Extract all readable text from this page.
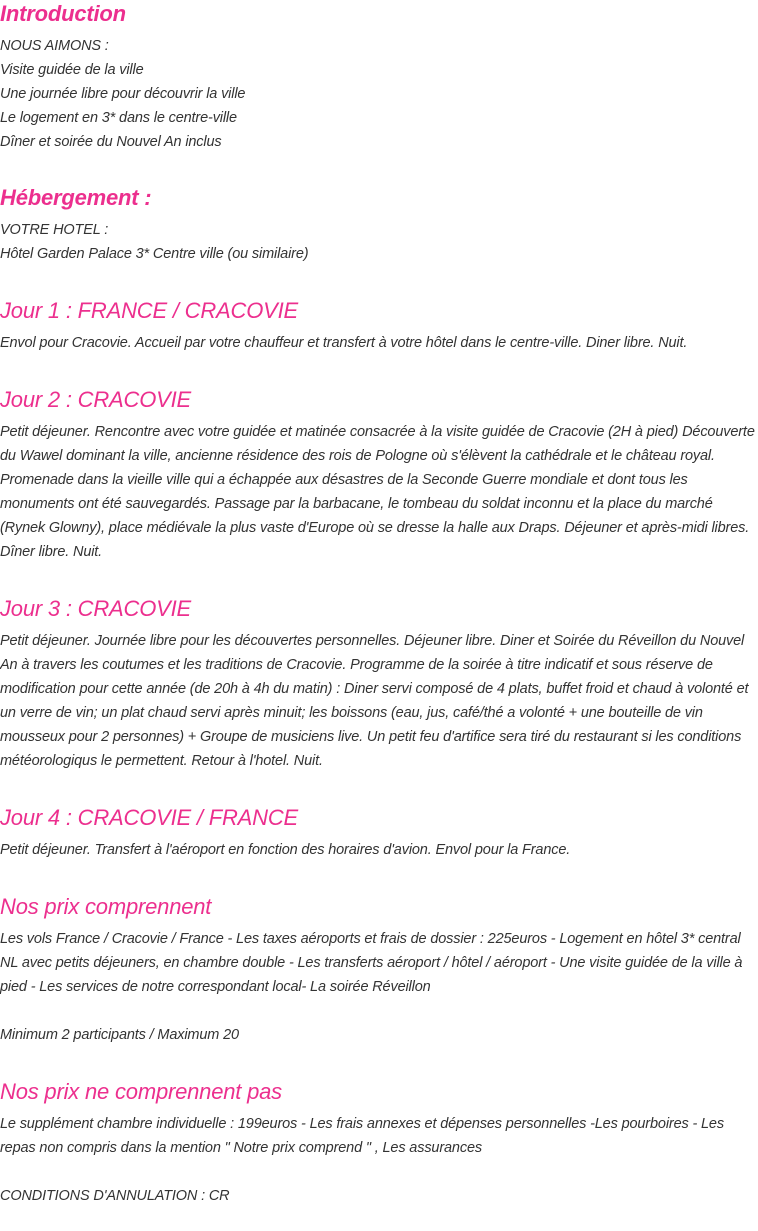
Introduction

NOUS AIMONS :

Visite guidée de la ville

Une journée libre pour découvrir la ville

Le logement en 3* dans le centre-ville

Dîner et soirée du Nouvel An inclus

Hébergement :

VOTRE HOTEL :

Hôtel Garden Palace 3* Centre ville (ou similaire)

Jour 1 : FRANCE / CRACOVIE

Envol pour Cracovie. Accueil par votre chauffeur et transfert à votre hôtel dans le centre-ville. Diner libre. Nuit.

Jour 2 : CRACOVIE

Petit déjeuner. Rencontre avec votre guidée et matinée consacrée à la visite guidée de Cracovie (2H à pied) Découverte du Wawel dominant la ville, ancienne résidence des rois de Pologne où s'élèvent la cathédrale et le château royal. Promenade dans la vieille ville qui a échappée aux désastres de la Seconde Guerre mondiale et dont tous les monuments ont été sauvegardés. Passage par la barbacane, le tombeau du soldat inconnu et la place du marché (Rynek Glowny), place médiévale la plus vaste d'Europe où se dresse la halle aux Draps. Déjeuner et après-midi libres. Dîner libre. Nuit.

Jour 3 : CRACOVIE

Petit déjeuner. Journée libre pour les découvertes personnelles. Déjeuner libre. Diner et Soirée du Réveillon du Nouvel An à travers les coutumes et les traditions de Cracovie. Programme de la soirée à titre indicatif et sous réserve de modification pour cette année (de 20h à 4h du matin) : Diner servi composé de 4 plats, buffet froid et chaud à volonté et un verre de vin; un plat chaud servi après minuit; les boissons (eau, jus, café/thé a volonté + une bouteille de vin mousseux pour 2 personnes) + Groupe de musiciens live. Un petit feu d'artifice sera tiré du restaurant si les conditions météorologiqus le permettent. Retour à l'hotel. Nuit.

Jour 4 : CRACOVIE / FRANCE

Petit déjeuner. Transfert à l'aéroport en fonction des horaires d'avion. Envol pour la France.

Nos prix comprennent

Les vols France / Cracovie / France - Les taxes aéroports et frais de dossier : 225euros - Logement en hôtel 3* central NL avec petits déjeuners, en chambre double - Les transferts aéroport / hôtel / aéroport - Une visite guidée de la ville à pied - Les services de notre correspondant local- La soirée Réveillon

Minimum 2 participants / Maximum 20

Nos prix ne comprennent pas

Le supplément chambre individuelle : 199euros - Les frais annexes et dépenses personnelles -Les pourboires - Les repas non compris dans la mention " Notre prix comprend " , Les assurances

CONDITIONS D'ANNULATION : CR
